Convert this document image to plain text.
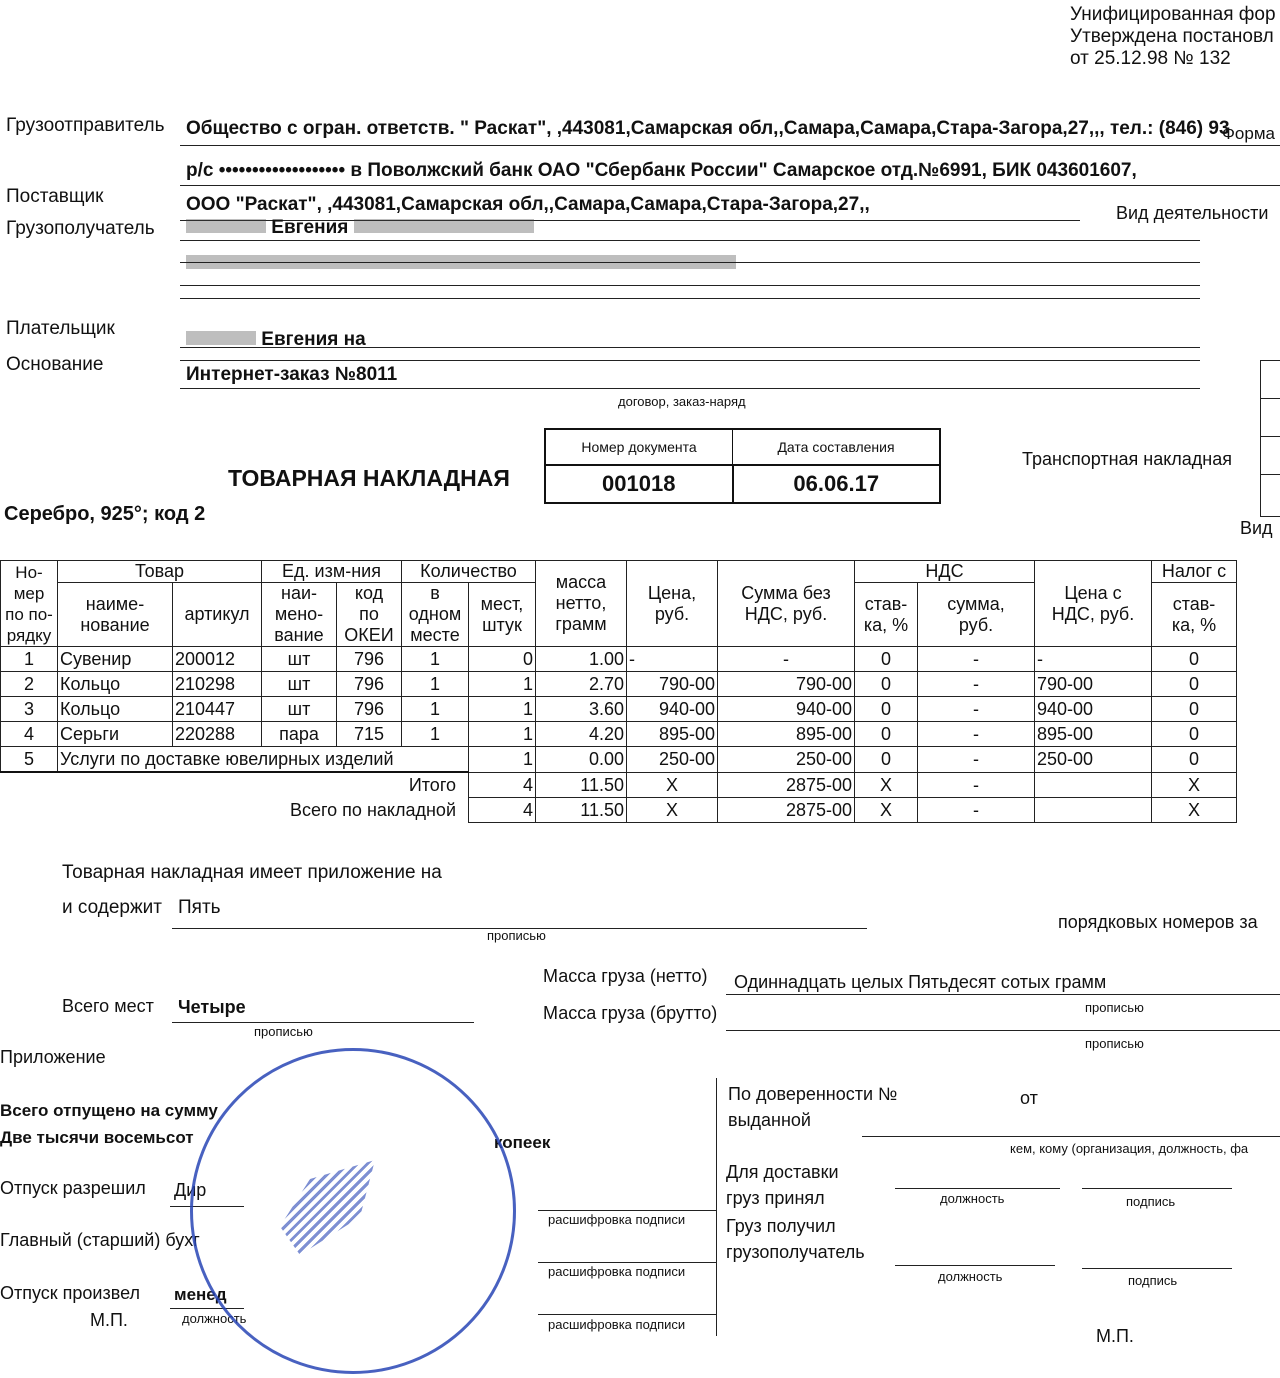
Унифицированная фор
Утверждена постановл
от 25.12.98 № 132
Грузоотправитель Общество с огран. ответств. " Раскат", ,443081,Самарская обл,,Самара,Самара,Стара-Загора,27,,, тел.: (846) 93
Форма
р/с ••••••••••••••••••• в Поволжский банк ОАО "Сбербанк России" Самарское отд.№6991, БИК 043601607,
Поставщик	ООО "Раскат", ,443081,Самарская обл,,Самара,Самара,Стара-Загора,27,,	Вид деятельности
Грузополучатель	Евгения
Плательщик
Евгения на
Основание	Интернет-заказ №8011
договор, заказ-наряд
Транспортная накладная
Вид
ТОВАРНАЯ НАКЛАДНАЯ
Серебро, 925°; код 2
Номер документа	Дата составления
001018	06.06.17
Но-
мер
по по-
рядку	Товар		Ед. изм-ния		Количество		масса
нетто,
грамм	Цена,
руб.	Сумма без
НДС, руб.	НДС		Цена с
НДС, руб.	Налог с
	наиме-
нование	артикул	наи-
мено-
вание	код
по
ОКЕИ	в
одном
месте	мест,
штук				став-
ка, %	сумма,
руб.		став-
ка, %
1	Сувенир	200012	шт	796	1	0	1.00	-	-	0	-	-	0
2	Кольцо	210298	шт	796	1	1	2.70	790-00	790-00	0	-	790-00	0
3	Кольцо	210447	шт	796	1	1	3.60	940-00	940-00	0	-	940-00	0
4	Серьги	220288	пара	715	1	1	4.20	895-00	895-00	0	-	895-00	0
5	Услуги по доставке ювелирных изделий					1	0.00	250-00	250-00	0	-	250-00	0
Итого						4	11.50	X	2875-00	X	-		X
Всего по накладной						4	11.50	X	2875-00	X	-		X
Товарная накладная имеет приложение на
и содержит Пять
прописью
порядковых номеров за
Масса груза (нетто) Одиннадцать целых Пятьдесят сотых грамм
прописью
Масса груза (брутто)
прописью
Всего мест Четыре
прописью
Приложение
Всего отпущено на сумму
Две тысячи восемьсот	копеек
Отпуск разрешил Дир
расшифровка подписи
Главный (старший) бухг
расшифровка подписи
Отпуск произвел менед
должность	расшифровка подписи
М.П.
По доверенности №	от
выданной
кем, кому (организация, должность, фа
Для доставки
груз принял	должность	подпись
Груз получил
грузополучатель
должность	подпись
М.П.
